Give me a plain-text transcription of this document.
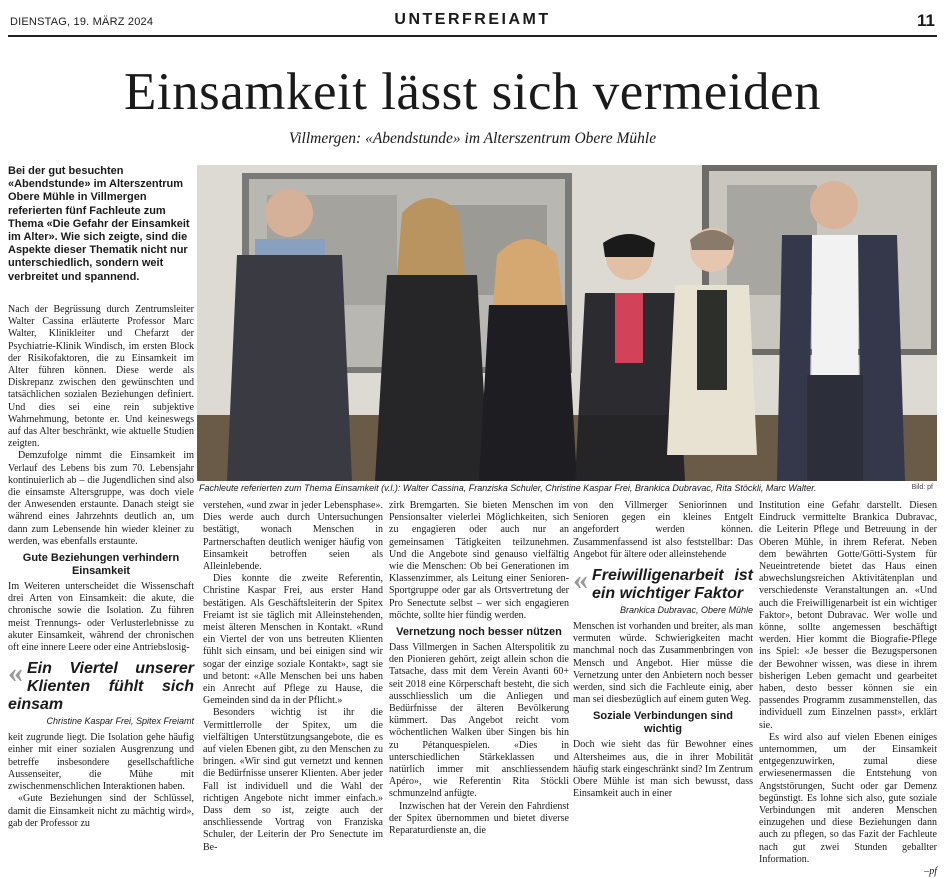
DIENSTAG, 19. MÄRZ 2024	UNTERFREIAMT	11
Einsamkeit lässt sich vermeiden
Villmergen: «Abendstunde» im Alterszentrum Obere Mühle
Bei der gut besuchten «Abendstunde» im Alterszentrum Obere Mühle in Villmergen referierten fünf Fachleute zum Thema «Die Gefahr der Einsamkeit im Alter». Wie sich zeigte, sind die Aspekte dieser Thematik nicht nur unterschiedlich, sondern weit verbreitet und spannend.

Nach der Begrüssung durch Zentrumsleiter Walter Cassina erläuterte Professor Marc Walter, Klinikleiter und Chefarzt der Psychiatrie-Klinik Windisch, im ersten Block der Risikofaktoren, die zu Einsamkeit im Alter führen können. Diese werde als Diskrepanz zwischen den gewünschten und tatsächlichen sozialen Beziehungen definiert. Und dies sei eine rein subjektive Wahrnehmung, betonte er. Und keineswegs auf das Alter beschränkt, wie aktuelle Studien zeigten.

Demzufolge nimmt die Einsamkeit im Verlauf des Lebens bis zum 70. Lebensjahr kontinuierlich ab – die Jugendlichen sind also die einsamste Altersgruppe, was doch viele der Anwesenden erstaunte. Danach steigt sie während eines Jahrzehnts deutlich an, um dann zum Lebensende hin wieder kleiner zu werden, was ebenfalls erstaunte.

Gute Beziehungen verhindern Einsamkeit

Im Weiteren unterscheidet die Wissenschaft drei Arten von Einsamkeit: die akute, die chronische sowie die Isolation. Zu führen meist Trennungs- oder Verlusterlebnisse zu akuter Einsamkeit, während der chronischen oft eine innere Leere oder eine Antriebslosig-

« Ein Viertel unserer Klienten fühlt sich einsam
Christine Kaspar Frei, Spitex Freiamt

keit zugrunde liegt. Die Isolation gehe häufig einher mit einer sozialen Ausgrenzung und betreffe insbesondere gesellschaftliche Aussenseiter, die Mühe mit zwischenmenschlichen Interaktionen haben.

«Gute Beziehungen sind der Schlüssel, damit die Einsamkeit nicht zu mächtig wird», gab der Professor zu

Fachleute referierten zum Thema Einsamkeit (v.l.): Walter Cassina, Franziska Schuler, Christine Kaspar Frei, Brankica Dubravac, Rita Stöckli, Marc Walter.	Bild: pf

verstehen, «und zwar in jeder Lebensphase». Dies werde auch durch Untersuchungen bestätigt, wonach Menschen in Partnerschaften deutlich weniger häufig von Einsamkeit betroffen seien als Alleinlebende.

Dies konnte die zweite Referentin, Christine Kaspar Frei, aus erster Hand bestätigen. Als Geschäftsleiterin der Spitex Freiamt ist sie täglich mit Alleinstehenden, meist älteren Menschen in Kontakt. «Rund ein Viertel der von uns betreuten Klienten fühlt sich einsam, und bei einigen sind wir sogar der einzige soziale Kontakt», sagt sie und betont: «Alle Menschen bei uns haben ein Anrecht auf Pflege zu Hause, die Gemeinden sind da in der Pflicht.»

Besonders wichtig ist ihr die Vermittlerrolle der Spitex, um die vielfältigen Unterstützungsangebote, die es auf vielen Ebenen gibt, zu den Menschen zu bringen. «Wir sind gut vernetzt und kennen die Bedürfnisse unserer Klienten. Aber jeder Fall ist individuell und die Wahl der richtigen Angebote nicht immer einfach.» Dass dem so ist, zeigte auch der anschliessende Vortrag von Franziska Schuler, der Leiterin der Pro Senectute im Be-

zirk Bremgarten. Sie bieten Menschen im Pensionsalter vielerlei Möglichkeiten, sich zu engagieren oder auch nur an gemeinsamen Tätigkeiten teilzunehmen. Und die Angebote sind genauso vielfältig wie die Menschen: Ob bei Generationen im Klassenzimmer, als Leitung einer Senioren-Sportgruppe oder gar als Ortsvertretung der Pro Senectute selbst – wer sich engagieren möchte, sollte hier fündig werden.

Vernetzung noch besser nützen

Dass Villmergen in Sachen Alterspolitik zu den Pionieren gehört, zeigt allein schon die Tatsache, dass mit dem Verein Avanti 60+ seit 2018 eine Körperschaft besteht, die sich ausschliesslich um die Anliegen und Bedürfnisse der älteren Bevölkerung kümmert. Das Angebot reicht vom wöchentlichen Walken über Singen bis hin zu Pétanquespielen. «Dies in unterschiedlichen Stärkeklassen und natürlich immer mit anschliessendem Apéro», wie Referentin Rita Stöckli schmunzelnd anfügte.

Inzwischen hat der Verein den Fahrdienst der Spitex übernommen und bietet diverse Reparaturdienste an, die

von den Villmerger Seniorinnen und Senioren gegen ein kleines Entgelt angefordert werden können. Zusammenfassend ist also feststellbar: Das Angebot für ältere oder alleinstehende

« Freiwilligenarbeit ist ein wichtiger Faktor
Brankica Dubravac, Obere Mühle

Menschen ist vorhanden und breiter, als man vermuten würde. Schwierigkeiten macht manchmal noch das Zusammenbringen von Mensch und Angebot. Hier müsse die Vernetzung unter den Anbietern noch besser werden, sind sich die Fachleute einig, aber man sei diesbezüglich auf einem guten Weg.

Soziale Verbindungen sind wichtig

Doch wie sieht das für Bewohner eines Altersheimes aus, die in ihrer Mobilität häufig stark eingeschränkt sind? Im Zentrum Obere Mühle ist man sich bewusst, dass Einsamkeit auch in einer

Institution eine Gefahr darstellt. Diesen Eindruck vermittelte Brankica Dubravac, die Leiterin Pflege und Betreuung in der Oberen Mühle, in ihrem Referat. Neben dem bewährten Gotte/Götti-System für Neueintretende bietet das Haus einen abwechslungsreichen Aktivitätenplan und verschiedenste Veranstaltungen an. «Und auch die Freiwilligenarbeit ist ein wichtiger Faktor», betont Dubravac. Wer wolle und könne, sollte angemessen beschäftigt werden. Hier kommt die Biografie-Pflege ins Spiel: «Je besser die Bezugspersonen der Bewohner wissen, was diese in ihrem bisherigen Leben gemacht und gearbeitet haben, desto besser können sie ein passendes Programm zusammenstellen, das individuell zum Einzelnen passt», erklärt sie.

Es wird also auf vielen Ebenen einiges unternommen, um der Einsamkeit entgegenzuwirken, zumal diese erwiesenermassen die Entstehung von Angststörungen, Sucht oder gar Demenz begünstigt. Es lohne sich also, gute soziale Verbindungen mit anderen Menschen einzugehen und diese Beziehungen dann auch zu pflegen, so das Fazit der Fachleute nach gut zwei Stunden geballter Information.

–pf
